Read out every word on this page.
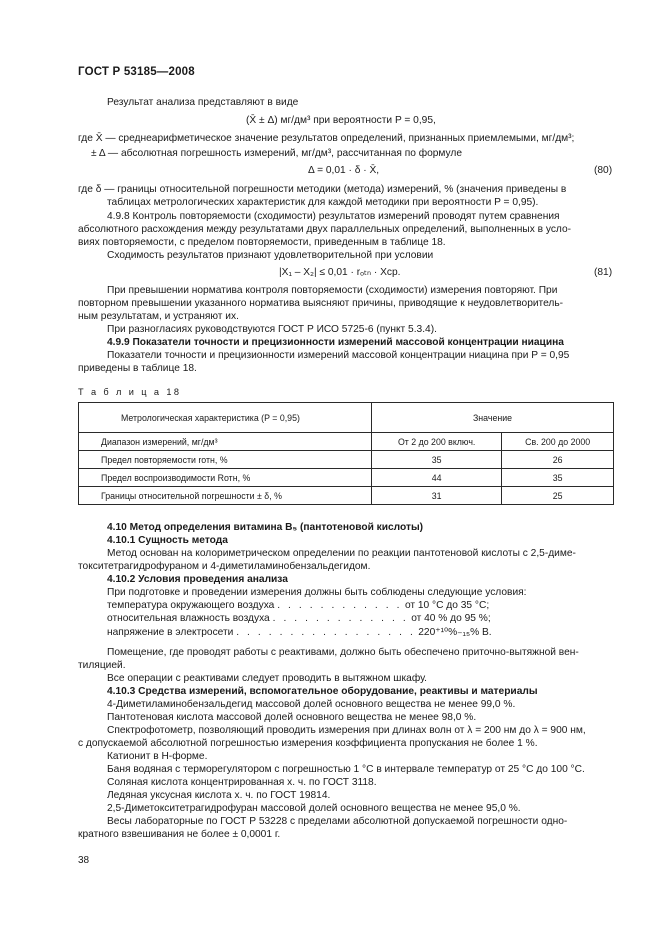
ГОСТ Р 53185—2008
Результат анализа представляют в виде
(X̄ ± Δ) мг/дм³ при вероятности P = 0,95,
где X̄ — среднеарифметическое значение результатов определений, признанных приемлемыми, мг/дм³;
± Δ — абсолютная погрешность измерений, мг/дм³, рассчитанная по формуле
Δ = 0,01 · δ · X̄,	(80)
где δ — границы относительной погрешности методики (метода) измерений, % (значения приведены в
таблицах метрологических характеристик для каждой методики при вероятности P = 0,95).
4.9.8 Контроль повторяемости (сходимости) результатов измерений проводят путем сравнения
абсолютного расхождения между результатами двух параллельных определений, выполненных в усло-
виях повторяемости, с пределом повторяемости, приведенным в таблице 18.
Сходимость результатов признают удовлетворительной при условии
|X₁ – X₂| ≤ 0,01 · rₒₜₙ · Xср.	(81)
При превышении норматива контроля повторяемости (сходимости) измерения повторяют. При
повторном превышении указанного норматива выясняют причины, приводящие к неудовлетворитель-
ным результатам, и устраняют их.
При разногласиях руководствуются ГОСТ Р ИСО 5725-6 (пункт 5.3.4).
4.9.9 Показатели точности и прецизионности измерений массовой концентрации ниацина
Показатели точности и прецизионности измерений массовой концентрации ниацина при P = 0,95
приведены в таблице 18.
Т а б л и ц а 18
Метрологическая характеристика (P = 0,95)	Значение	
Диапазон измерений, мг/дм³	От 2 до 200 включ.	Св. 200 до 2000
Предел повторяемости rотн, %	35	26
Предел воспроизводимости Rотн, %	44	35
Границы относительной погрешности ± δ, %	31	25
4.10 Метод определения витамина B₅ (пантотеновой кислоты)
4.10.1 Сущность метода
Метод основан на колориметрическом определении по реакции пантотеновой кислоты с 2,5-диме-
токситетрагидрофураном и 4-диметиламинобензальдегидом.
4.10.2 Условия проведения анализа
При подготовке и проведении измерения должны быть соблюдены следующие условия:
температура окружающего воздуха . . . . . . . . . . . . от 10 °С до 35 °С;
относительная влажность воздуха . . . . . . . . . . . . . от 40 % до 95 %;
напряжение в электросети . . . . . . . . . . . . . . . . . 220⁺¹⁰%₋₁₅% В.
Помещение, где проводят работы с реактивами, должно быть обеспечено приточно-вытяжной вен-
тиляцией.
Все операции с реактивами следует проводить в вытяжном шкафу.
4.10.3 Средства измерений, вспомогательное оборудование, реактивы и материалы
4-Диметиламинобензальдегид массовой долей основного вещества не менее 99,0 %.
Пантотеновая кислота массовой долей основного вещества не менее 98,0 %.
Спектрофотометр, позволяющий проводить измерения при длинах волн от λ = 200 нм до λ = 900 нм,
с допускаемой абсолютной погрешностью измерения коэффициента пропускания не более 1 %.
Катионит в Н-форме.
Баня водяная с терморегулятором с погрешностью 1 °С в интервале температур от 25 °С до 100 °С.
Соляная кислота концентрированная х. ч. по ГОСТ 3118.
Ледяная уксусная кислота х. ч. по ГОСТ 19814.
2,5-Диметокситетрагидрофуран массовой долей основного вещества не менее 95,0 %.
Весы лабораторные по ГОСТ Р 53228 с пределами абсолютной допускаемой погрешности одно-
кратного взвешивания не более ± 0,0001 г.
38
